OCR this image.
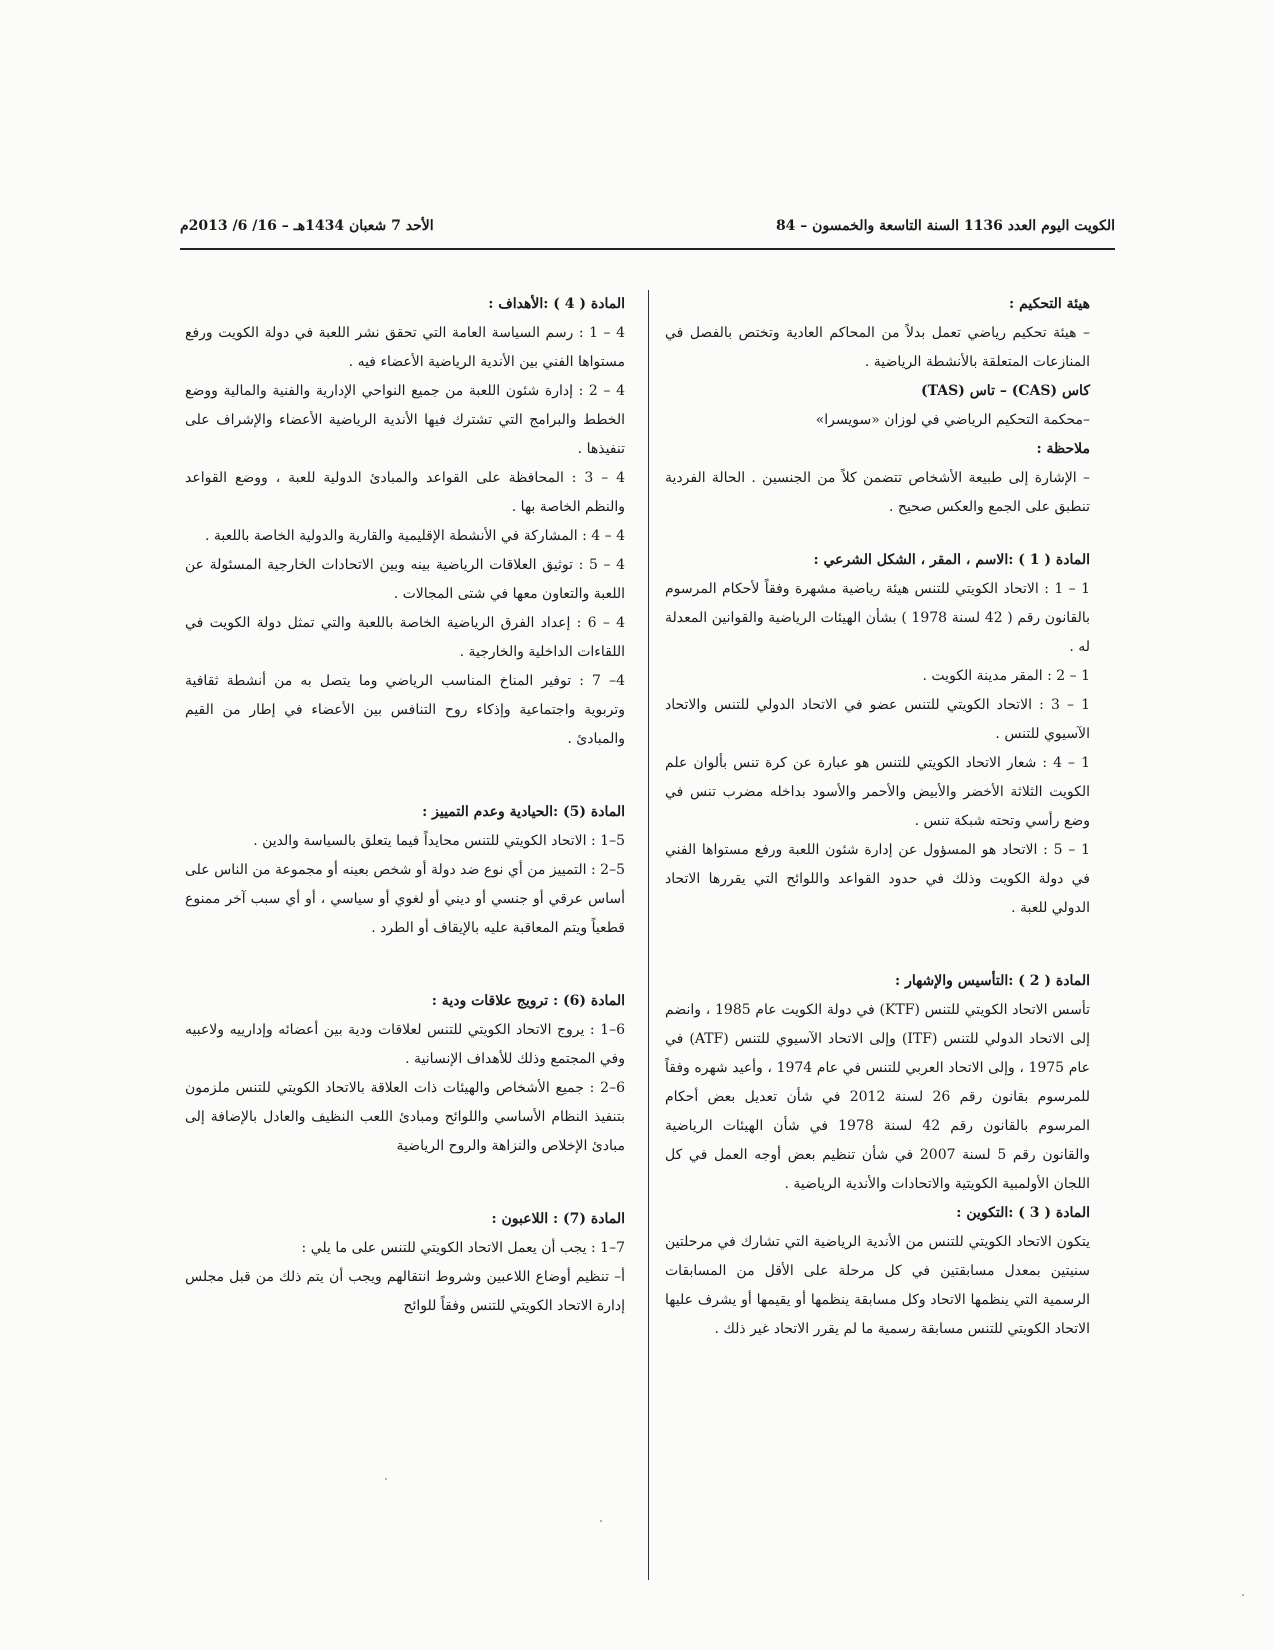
الكويت اليوم العدد 1136 السنة التاسعة والخمسون – 84
الأحد 7 شعبان 1434هـ – 16/ 6/ 2013م

هيئة التحكيم :

– هيئة تحكيم رياضي تعمل بدلاً من المحاكم العادية وتختص بالفصل في المنازعات المتعلقة بالأنشطة الرياضية .

كاس (CAS) – تاس (TAS)

–محكمة التحكيم الرياضي في لوزان «سويسرا»

ملاحظة :

– الإشارة إلى طبيعة الأشخاص تتضمن كلاً من الجنسين . الحالة الفردية تنطبق على الجمع والعكس صحيح .

المادة ( 1 ) :الاسم ، المقر ، الشكل الشرعي :

1 – 1 : الاتحاد الكويتي للتنس هيئة رياضية مشهرة وفقاً لأحكام المرسوم بالقانون رقم ( 42 لسنة 1978 ) بشأن الهيئات الرياضية والقوانين المعدلة له .

1 – 2 : المقر مدينة الكويت .

1 – 3 : الاتحاد الكويتي للتنس عضو في الاتحاد الدولي للتنس والاتحاد الآسيوي للتنس .

1 – 4 : شعار الاتحاد الكويتي للتنس هو عبارة عن كرة تنس بألوان علم الكويت الثلاثة الأخضر والأبيض والأحمر والأسود بداخله مضرب تنس في وضع رأسي وتحته شبكة تنس .

1 – 5 : الاتحاد هو المسؤول عن إدارة شئون اللعبة ورفع مستواها الفني في دولة الكويت وذلك في حدود القواعد واللوائح التي يقررها الاتحاد الدولي للعبة .

المادة ( 2 ) :التأسيس والإشهار :

تأسس الاتحاد الكويتي للتنس (KTF) في دولة الكويت عام 1985 ، وانضم إلى الاتحاد الدولي للتنس (ITF) وإلى الاتحاد الآسيوي للتنس (ATF) في عام 1975 ، وإلى الاتحاد العربي للتنس في عام 1974 ، وأعيد شهره وفقاً للمرسوم بقانون رقم 26 لسنة 2012 في شأن تعديل بعض أحكام المرسوم بالقانون رقم 42 لسنة 1978 في شأن الهيئات الرياضية والقانون رقم 5 لسنة 2007 في شأن تنظيم بعض أوجه العمل في كل اللجان الأولمبية الكويتية والاتحادات والأندية الرياضية .

المادة ( 3 ) :التكوين :

يتكون الاتحاد الكويتي للتنس من الأندية الرياضية التي تشارك في مرحلتين سنيتين بمعدل مسابقتين في كل مرحلة على الأقل من المسابقات الرسمية التي ينظمها الاتحاد وكل مسابقة ينظمها أو يقيمها أو يشرف عليها الاتحاد الكويتي للتنس مسابقة رسمية ما لم يقرر الاتحاد غير ذلك .

المادة ( 4 ) :الأهداف :

4 – 1 : رسم السياسة العامة التي تحقق نشر اللعبة في دولة الكويت ورفع مستواها الفني بين الأندية الرياضية الأعضاء فيه .

4 – 2 : إدارة شئون اللعبة من جميع النواحي الإدارية والفنية والمالية ووضع الخطط والبرامج التي تشترك فيها الأندية الرياضية الأعضاء والإشراف على تنفيذها .

4 – 3 : المحافظة على القواعد والمبادئ الدولية للعبة ، ووضع القواعد والنظم الخاصة بها .

4 – 4 : المشاركة في الأنشطة الإقليمية والقارية والدولية الخاصة باللعبة .

4 – 5 : توثيق العلاقات الرياضية بينه وبين الاتحادات الخارجية المسئولة عن اللعبة والتعاون معها في شتى المجالات .

4 – 6 : إعداد الفرق الرياضية الخاصة باللعبة والتي تمثل دولة الكويت في اللقاءات الداخلية والخارجية .

4– 7 : توفير المناخ المناسب الرياضي وما يتصل به من أنشطة ثقافية وتربوية واجتماعية وإذكاء روح التنافس بين الأعضاء في إطار من القيم والمبادئ .

المادة (5) :الحيادية وعدم التمييز :

5–1 : الاتحاد الكويتي للتنس محايداً فيما يتعلق بالسياسة والدين .

5–2 : التمييز من أي نوع ضد دولة أو شخص بعينه أو مجموعة من الناس على أساس عرقي أو جنسي أو ديني أو لغوي أو سياسي ، أو أي سبب آخر ممنوع قطعياً ويتم المعاقبة عليه بالإيقاف أو الطرد .

المادة (6) : ترويج علاقات ودية :

6–1 : يروج الاتحاد الكويتي للتنس لعلاقات ودية بين أعضائه وإدارييه ولاعبيه وفي المجتمع وذلك للأهداف الإنسانية .

6–2 : جميع الأشخاص والهيئات ذات العلاقة بالاتحاد الكويتي للتنس ملزمون بتنفيذ النظام الأساسي واللوائح ومبادئ اللعب النظيف والعادل بالإضافة إلى مبادئ الإخلاص والنزاهة والروح الرياضية

المادة (7) : اللاعبون :

7–1 : يجب أن يعمل الاتحاد الكويتي للتنس على ما يلي :

أ– تنظيم أوضاع اللاعبين وشروط انتقالهم ويجب أن يتم ذلك من قبل مجلس إدارة الاتحاد الكويتي للتنس وفقاً للوائح
